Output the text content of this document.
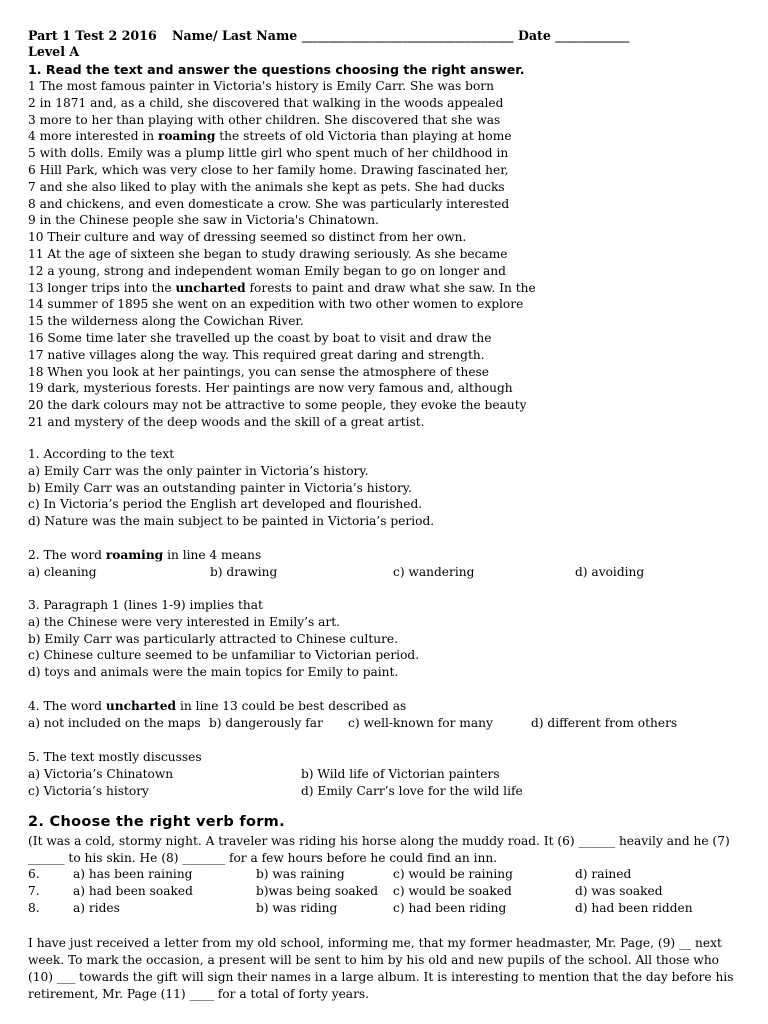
Part 1 Test 2 2016 Name/ Last Name ________________________________________ Date ______________
Level A
1. Read the text and answer the questions choosing the right answer.
1 The most famous painter in Victoria's history is Emily Carr. She was born
2 in 1871 and, as a child, she discovered that walking in the woods appealed
3 more to her than playing with other children. She discovered that she was
4 more interested in roaming the streets of old Victoria than playing at home
5 with dolls. Emily was a plump little girl who spent much of her childhood in
6 Hill Park, which was very close to her family home. Drawing fascinated her,
7 and she also liked to play with the animals she kept as pets. She had ducks
8 and chickens, and even domesticate a crow. She was particularly interested
9 in the Chinese people she saw in Victoria's Chinatown.
10 Their culture and way of dressing seemed so distinct from her own.
11 At the age of sixteen she began to study drawing seriously. As she became
12 a young, strong and independent woman Emily began to go on longer and
13 longer trips into the uncharted forests to paint and draw what she saw. In the
14 summer of 1895 she went on an expedition with two other women to explore
15 the wilderness along the Cowichan River.
16 Some time later she travelled up the coast by boat to visit and draw the
17 native villages along the way. This required great daring and strength.
18 When you look at her paintings, you can sense the atmosphere of these
19 dark, mysterious forests. Her paintings are now very famous and, although
20 the dark colours may not be attractive to some people, they evoke the beauty
21 and mystery of the deep woods and the skill of a great artist.
1. According to the text
a) Emily Carr was the only painter in Victoria’s history.
b) Emily Carr was an outstanding painter in Victoria’s history.
c) In Victoria’s period the English art developed and flourished.
d) Nature was the main subject to be painted in Victoria’s period.
2. The word roaming in line 4 means
a) cleaning	b) drawing	c) wandering	d) avoiding
3. Paragraph 1 (lines 1-9) implies that
a) the Chinese were very interested in Emily’s art.
b) Emily Carr was particularly attracted to Chinese culture.
c) Chinese culture seemed to be unfamiliar to Victorian period.
d) toys and animals were the main topics for Emily to paint.
4. The word uncharted in line 13 could be best described as
a) not included on the maps b) dangerously far c) well-known for many	d) different from others
5. The text mostly discusses
a) Victoria’s Chinatown	b) Wild life of Victorian painters
c) Victoria’s history	d) Emily Carr’s love for the wild life
2. Choose the right verb form.
(It was a cold, stormy night. A traveler was riding his horse along the muddy road. It (6) ______ heavily and he (7)
______ to his skin. He (8) _______ for a few hours before he could find an inn.
6.	a) has been raining	b) was raining	c) would be raining	d) rained
7.	a) had been soaked	b)was being soaked c) would be soaked	d) was soaked
8.	a) rides	b) was riding	c) had been riding	d) had been ridden
I have just received a letter from my old school, informing me, that my former headmaster, Mr. Page, (9) __ next
week. To mark the occasion, a present will be sent to him by his old and new pupils of the school. All those who
(10) ___ towards the gift will sign their names in a large album. It is interesting to mention that the day before his
retirement, Mr. Page (11) ____ for a total of forty years.
